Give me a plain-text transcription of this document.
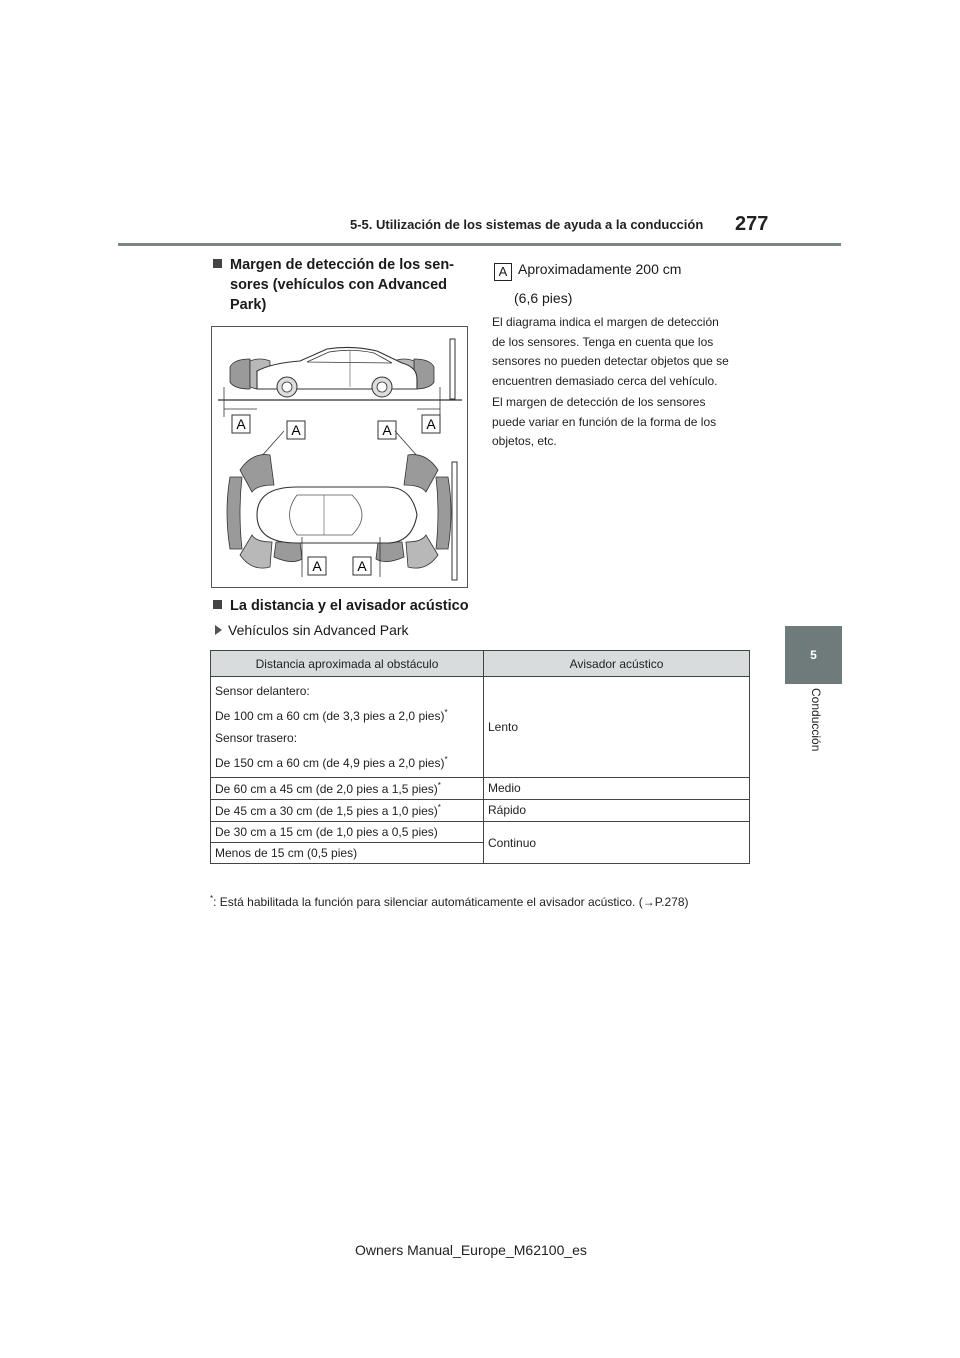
5-5. Utilización de los sistemas de ayuda a la conducción 277
5
Conducción
Margen de detección de los sen-
sores (vehículos con Advanced
Park)
A	A	A A
A	A
A Aproximadamente 200 cm
(6,6 pies)
El diagrama indica el margen de detección
de los sensores. Tenga en cuenta que los
sensores no pueden detectar objetos que se
encuentren demasiado cerca del vehículo.
El margen de detección de los sensores
puede variar en función de la forma de los
objetos, etc.
La distancia y el avisador acústico
Vehículos sin Advanced Park
Distancia aproximada al obstáculo	Avisador acústico

Sensor delantero:
De 100 cm a 60 cm (de 3,3 pies a 2,0 pies)*
Sensor trasero:
De 150 cm a 60 cm (de 4,9 pies a 2,0 pies)*	Lento
De 60 cm a 45 cm (de 2,0 pies a 1,5 pies)*	Medio
De 45 cm a 30 cm (de 1,5 pies a 1,0 pies)*	Rápido
De 30 cm a 15 cm (de 1,0 pies a 0,5 pies)	Continuo
Menos de 15 cm (0,5 pies)	
*: Está habilitada la función para silenciar automáticamente el avisador acústico. (→P.278)
Owners Manual_Europe_M62100_es
